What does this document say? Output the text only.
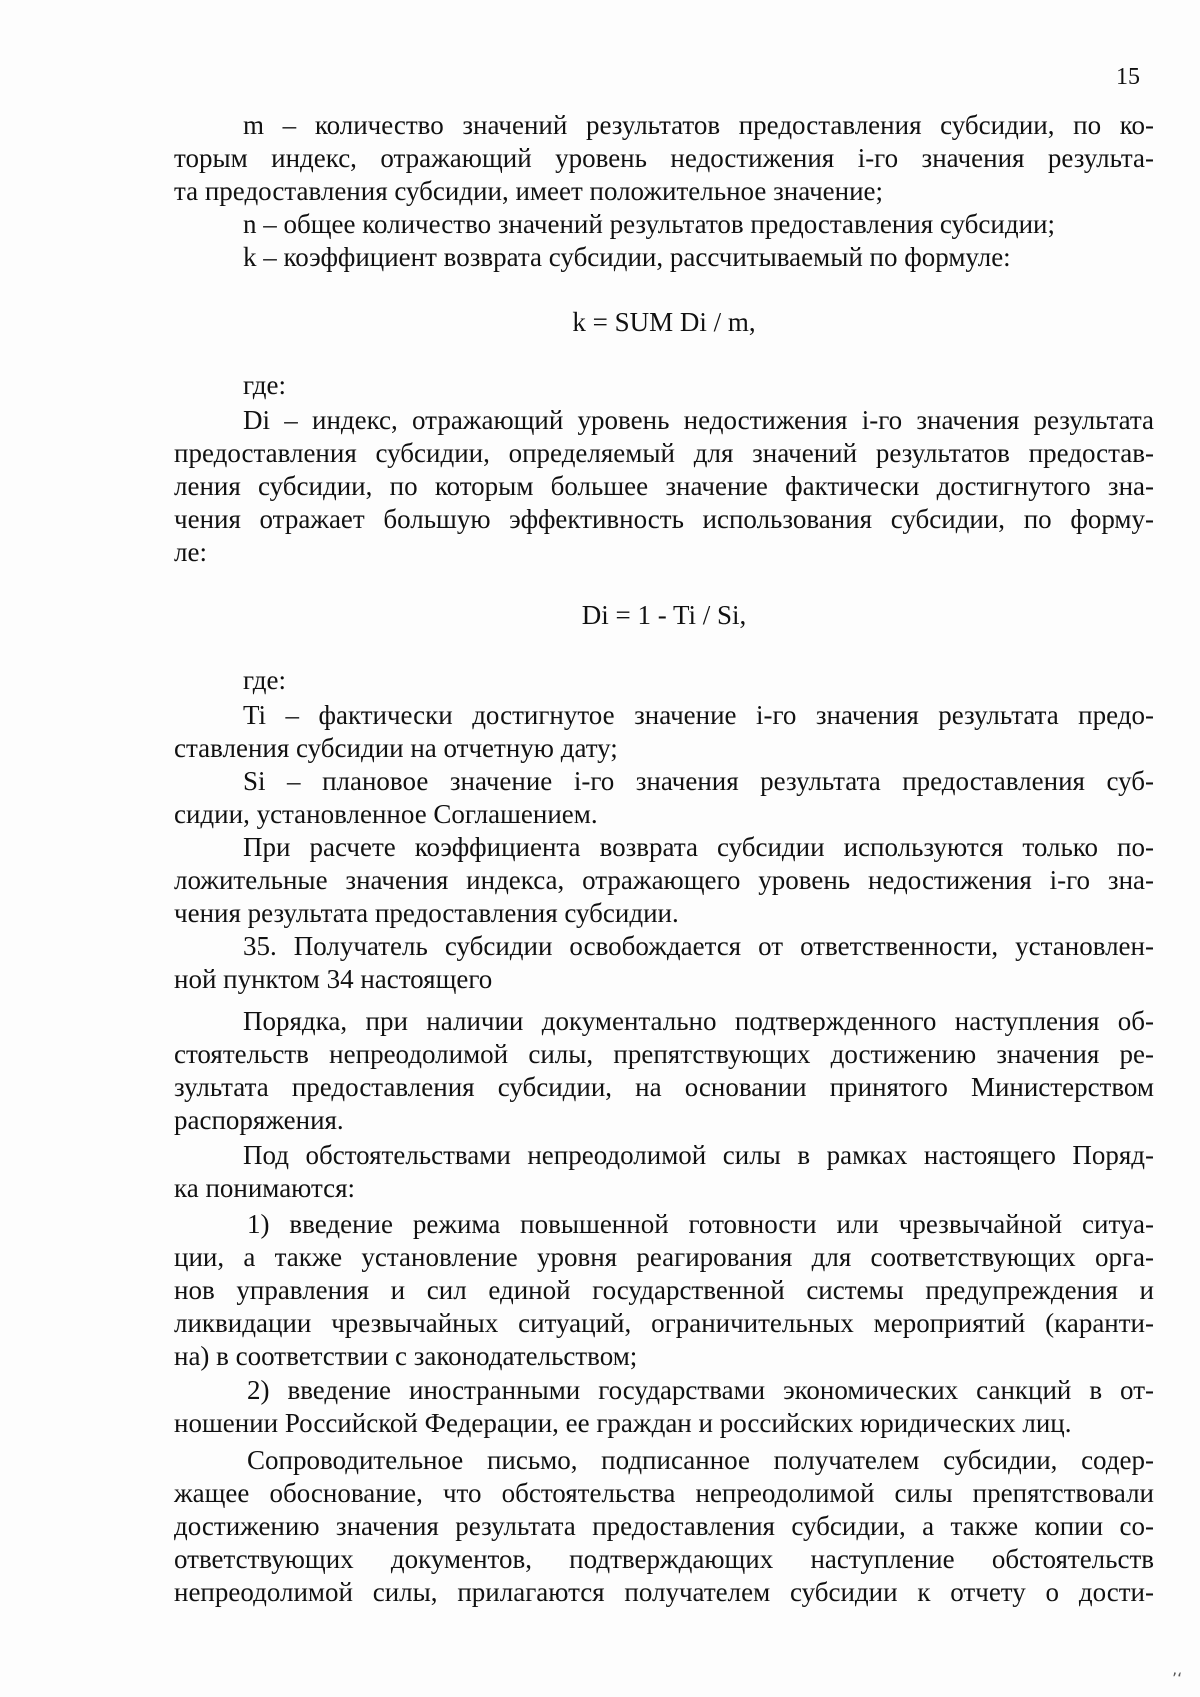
15
m – количество значений результатов предоставления субсидии, по ко-
торым индекс, отражающий уровень недостижения i-го значения результа-
та предоставления субсидии, имеет положительное значение;
n – общее количество значений результатов предоставления субсидии;
k – коэффициент возврата субсидии, рассчитываемый по формуле:
k = SUM Di / m,
где:
Di – индекс, отражающий уровень недостижения i-го значения результата
предоставления субсидии, определяемый для значений результатов предостав-
ления субсидии, по которым большее значение фактически достигнутого зна-
чения отражает большую эффективность использования субсидии, по форму-
ле:
Di = 1 - Ti / Si,
где:
Ti – фактически достигнутое значение i-го значения результата предо-
ставления субсидии на отчетную дату;
Si – плановое значение i-го значения результата предоставления суб-
сидии, установленное Соглашением.
При расчете коэффициента возврата субсидии используются только по-
ложительные значения индекса, отражающего уровень недостижения i-го зна-
чения результата предоставления субсидии.
35. Получатель субсидии освобождается от ответственности, установлен-
ной пунктом 34 настоящего
Порядка, при наличии документально подтвержденного наступления об-
стоятельств непреодолимой силы, препятствующих достижению значения ре-
зультата предоставления субсидии, на основании принятого Министерством
распоряжения.
Под обстоятельствами непреодолимой силы в рамках настоящего Поряд-
ка понимаются:
1) введение режима повышенной готовности или чрезвычайной ситуа-
ции, а также установление уровня реагирования для соответствующих орга-
нов управления и сил единой государственной системы предупреждения и
ликвидации чрезвычайных ситуаций, ограничительных мероприятий (каранти-
на) в соответствии с законодательством;
2) введение иностранными государствами экономических санкций в от-
ношении Российской Федерации, ее граждан и российских юридических лиц.
Сопроводительное письмо, подписанное получателем субсидии, содер-
жащее обоснование, что обстоятельства непреодолимой силы препятствовали
достижению значения результата предоставления субсидии, а также копии со-
ответствующих документов, подтверждающих наступление обстоятельств
непреодолимой силы, прилагаются получателем субсидии к отчету о дости-
’‘
